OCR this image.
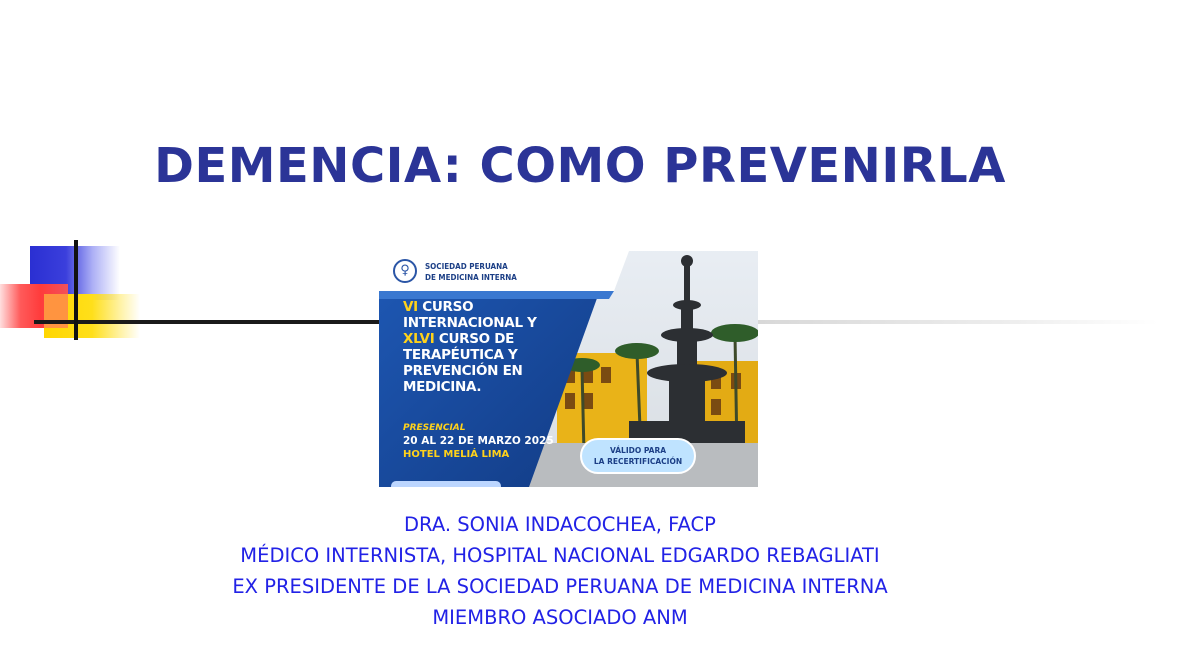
DEMENCIA: COMO PREVENIRLA
♀	SOCIEDAD PERUANA
DE MEDICINA INTERNA
VI CURSO
INTERNACIONAL Y
XLVI CURSO DE
TERAPÉUTICA Y
PREVENCIÓN EN
MEDICINA.
PRESENCIAL
20 AL 22 DE MARZO 2025
HOTEL MELIÁ LIMA	VÁLIDO PARA
LA RECERTIFICACIÓN
DRA. SONIA INDACOCHEA, FACP
MÉDICO INTERNISTA, HOSPITAL NACIONAL EDGARDO REBAGLIATI
EX PRESIDENTE DE LA SOCIEDAD PERUANA DE MEDICINA INTERNA
MIEMBRO ASOCIADO ANM
